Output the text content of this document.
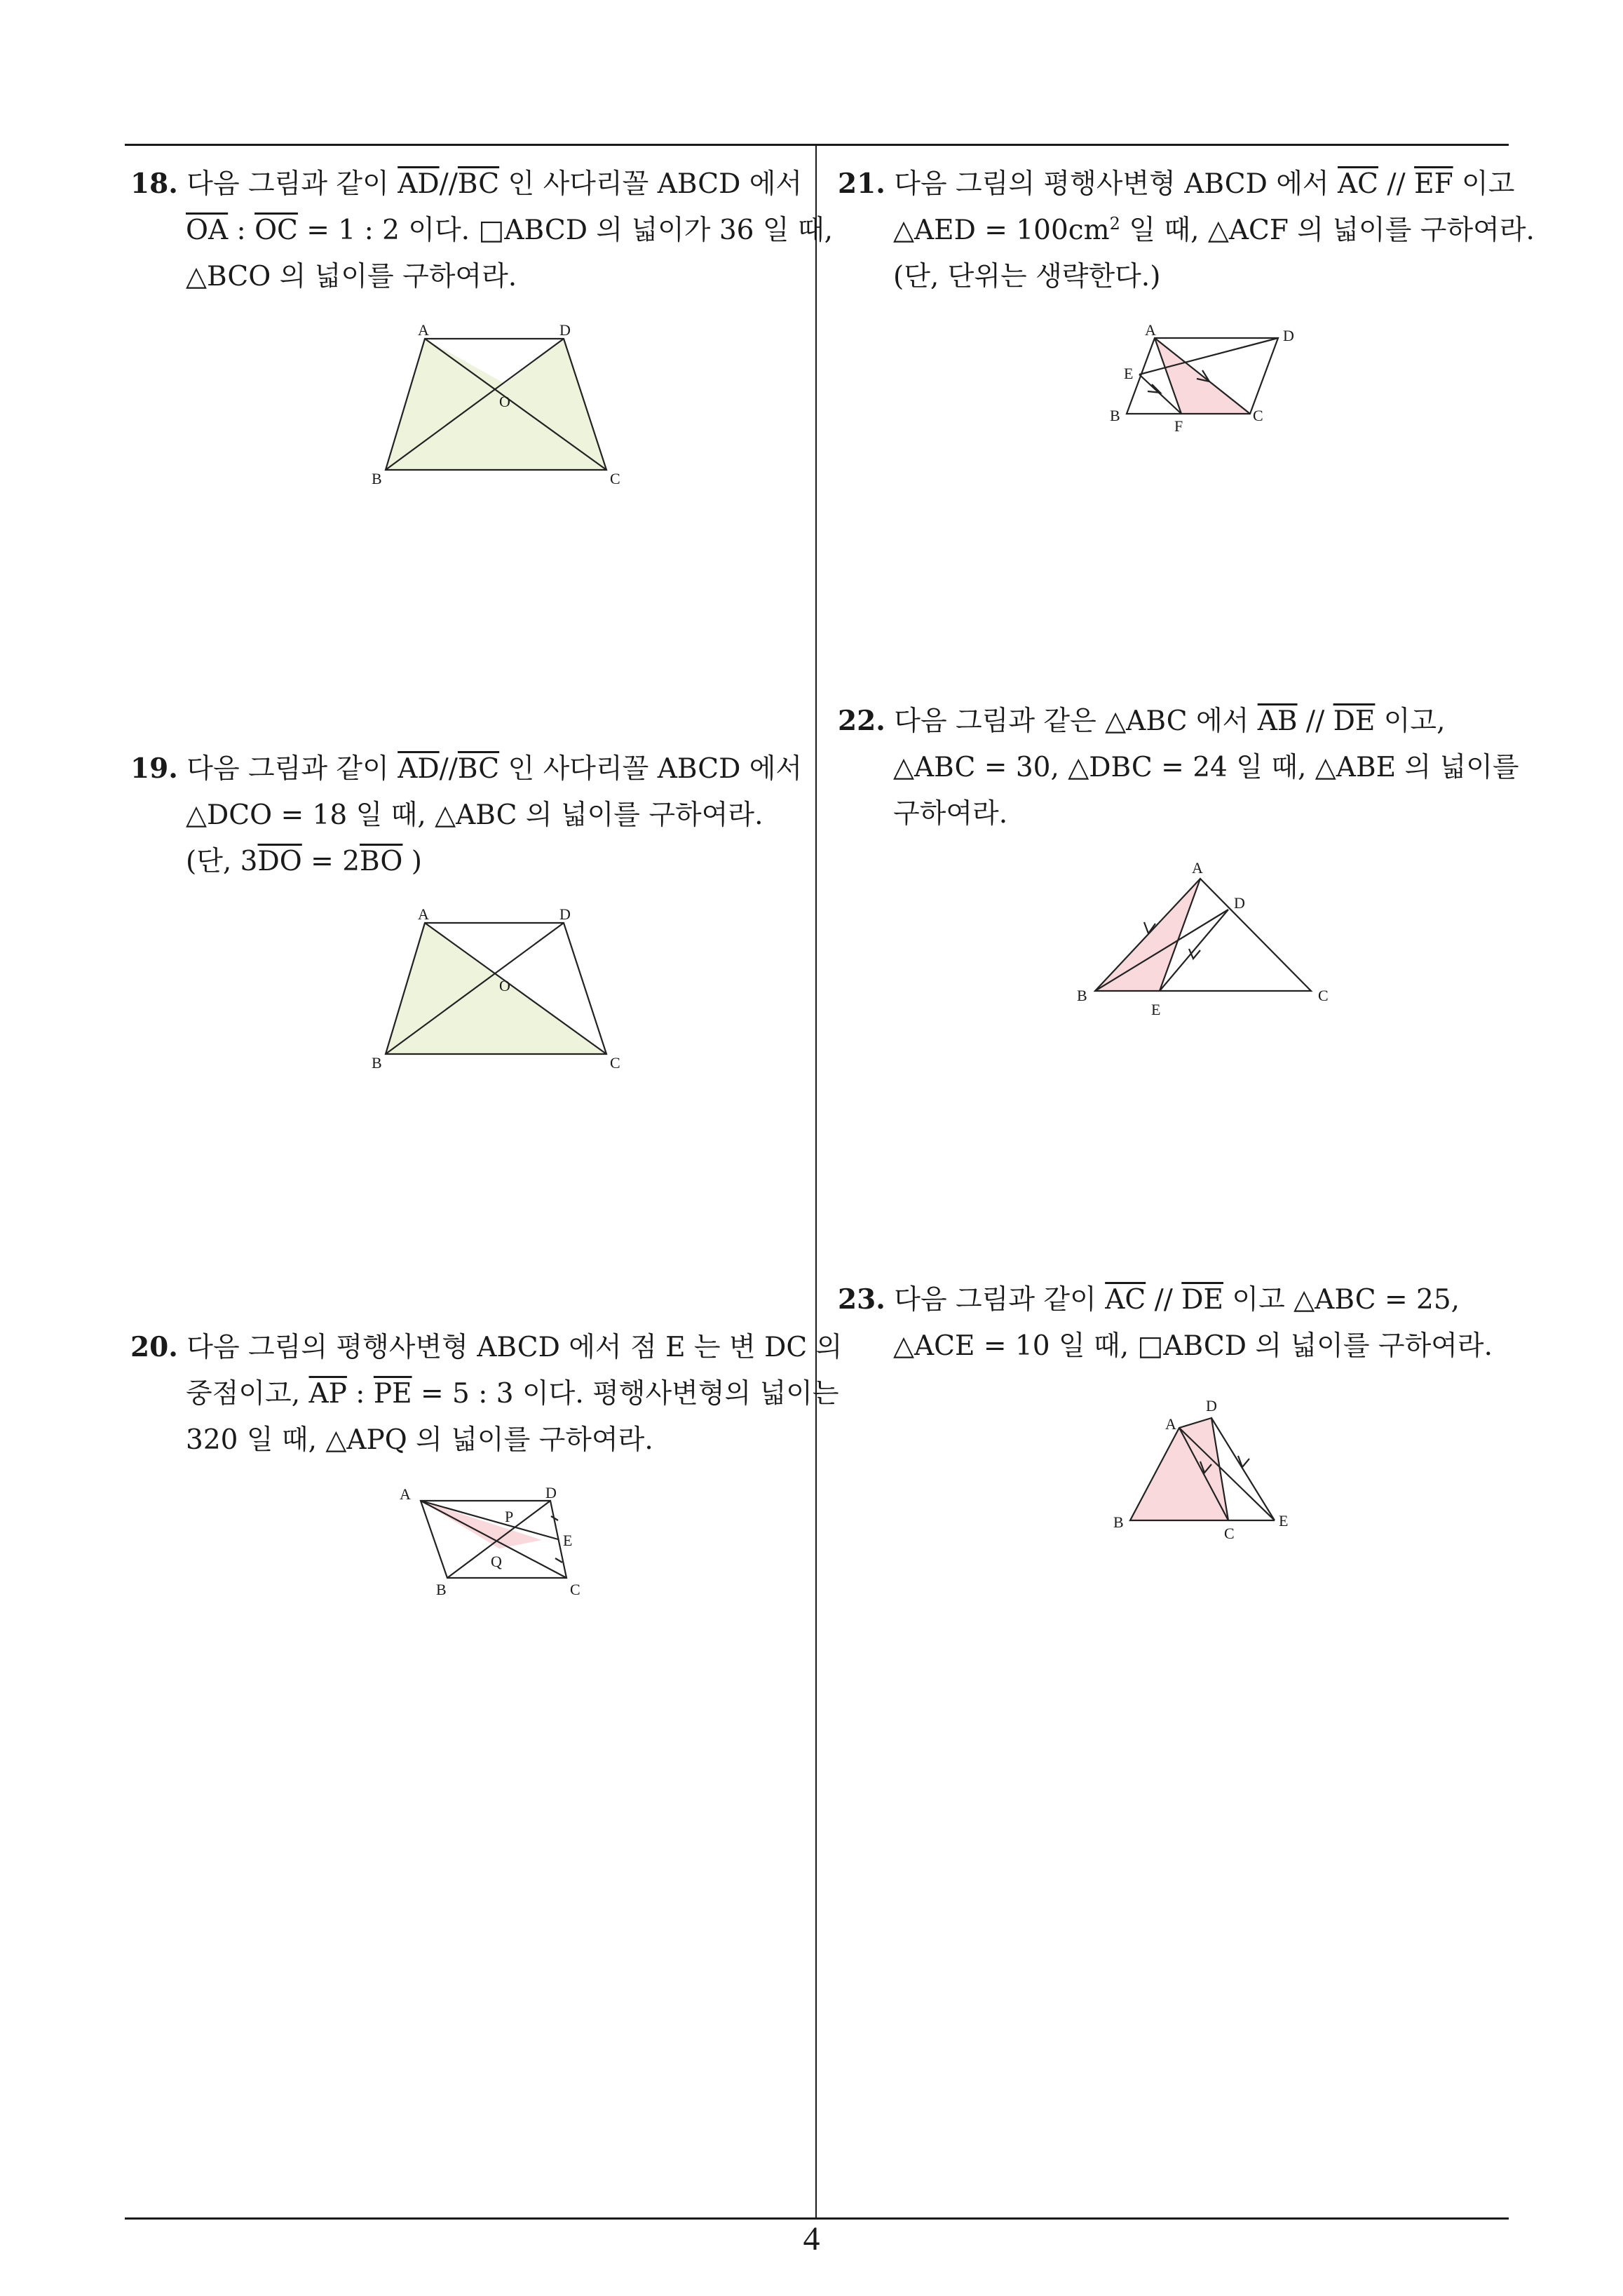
4
18. 다음 그림과 같이 $\overline{AD}//\overline{BC}$ 인 사다리꼴 ABCD 에서
$\overline{OA}$ : $\overline{OC} = 1$ : 2 이다. □ABCD 의 넓이가 36 일 때,
△BCO 의 넓이를 구하여라.
A	D
B	C
O
19. 다음 그림과 같이 $\overline{AD}//\overline{BC}$ 인 사다리꼴 ABCD 에서
△DCO = 18 일 때, △ABC 의 넓이를 구하여라.
(단, $3\overline{DO} = 2\overline{BO}$ )
A	D
B	C
O
20. 다음 그림의 평행사변형 ABCD 에서 점 E 는 변 DC 의
중점이고, $\overline{AP}$ : $\overline{PE} = 5$ : 3 이다. 평행사변형의 넓이는
320 일 때, △APQ 의 넓이를 구하여라.
A	D
B	C
E
P
Q
21. 다음 그림의 평행사변형 ABCD 에서 $\overline{AC} // \overline{EF}$ 이고
△AED = $100cm^2$ 일 때, △ACF 의 넓이를 구하여라.
(단, 단위는 생략한다.)
A	D
E
B	C
F
22. 다음 그림과 같은 △ABC 에서 $\overline{AB} // \overline{DE}$ 이고,
△ABC = 30, △DBC = 24 일 때, △ABE 의 넓이를
구하여라.
A
D
B
E
C
23. 다음 그림과 같이 $\overline{AC} // \overline{DE}$ 이고 △ABC = 25,
△ACE = 10 일 때, □ABCD 의 넓이를 구하여라.
D
A
B
C
E
